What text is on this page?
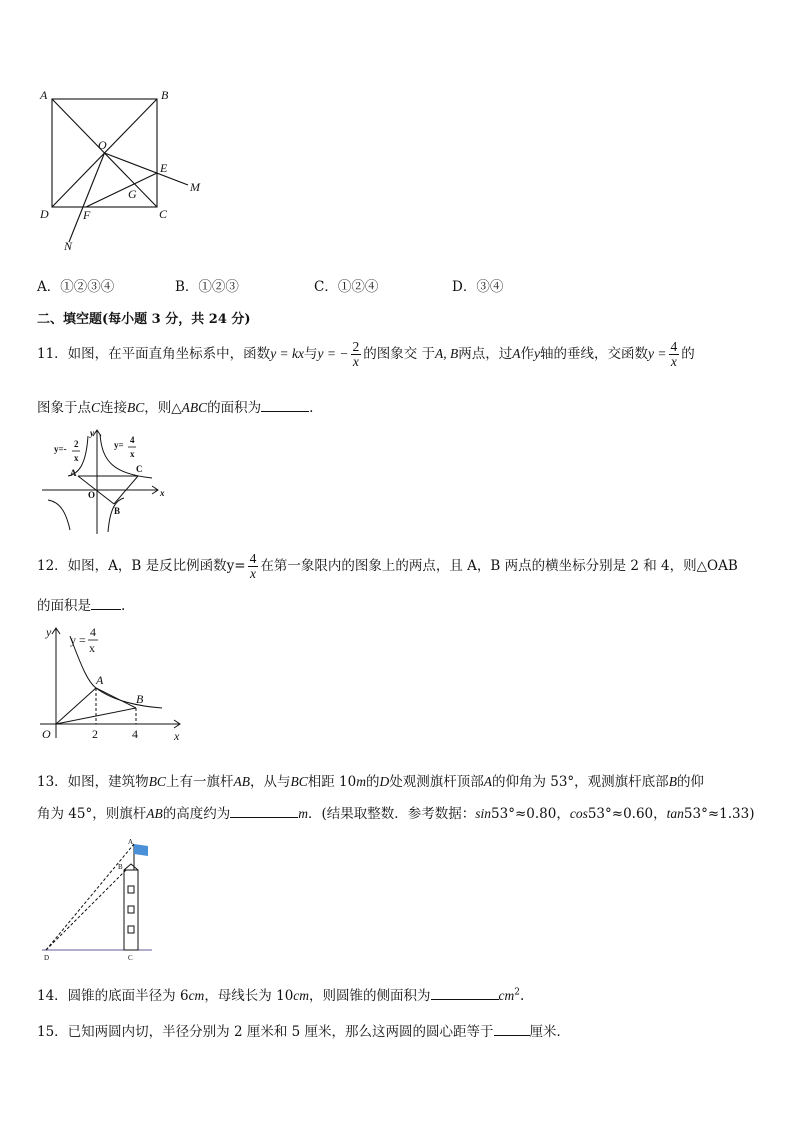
A	B
O
E
M
G
D	F	C
N
A．①②③④	B．①②③	C．①②④	D．③④
二、填空题(每小题 3 分，共 24 分)
11．如图，在平面直角坐标系中，函数y = kx与y = − $\frac{2}{x}$ 的图象交 于A, B两点，过A作y轴的垂线，交函数$y = \frac{4}{x}$ 的
图象于点C连接BC，则△ABC的面积为	.
y=- 2
x
y= 4
x
y
x
A	C
O
B
12．如图，A，B 是反比例函数$y= \frac{4}{x}$ 在第一象限内的图象上的两点，且 A，B 两点的横坐标分别是 2 和 4，则△OAB
的面积是 .
y
y =
4
x
A
B
O	2	4	x
13．如图，建筑物BC上有一旗杆AB，从与BC相距 10m的D处观测旗杆顶部A的仰角为 53°，观测旗杆底部B的仰
角为 45°，则旗杆AB的高度约为	m．(结果取整数．参考数据：sin53°≈0.80，cos53°≈0.60，tan53°≈1.33)
A
B
D	C
14．圆锥的底面半径为 6cm，母线长为 10cm，则圆锥的侧面积为	$cm^2$.
15．已知两圆内切，半径分别为 2 厘米和 5 厘米，那么这两圆的圆心距等于	厘米．
